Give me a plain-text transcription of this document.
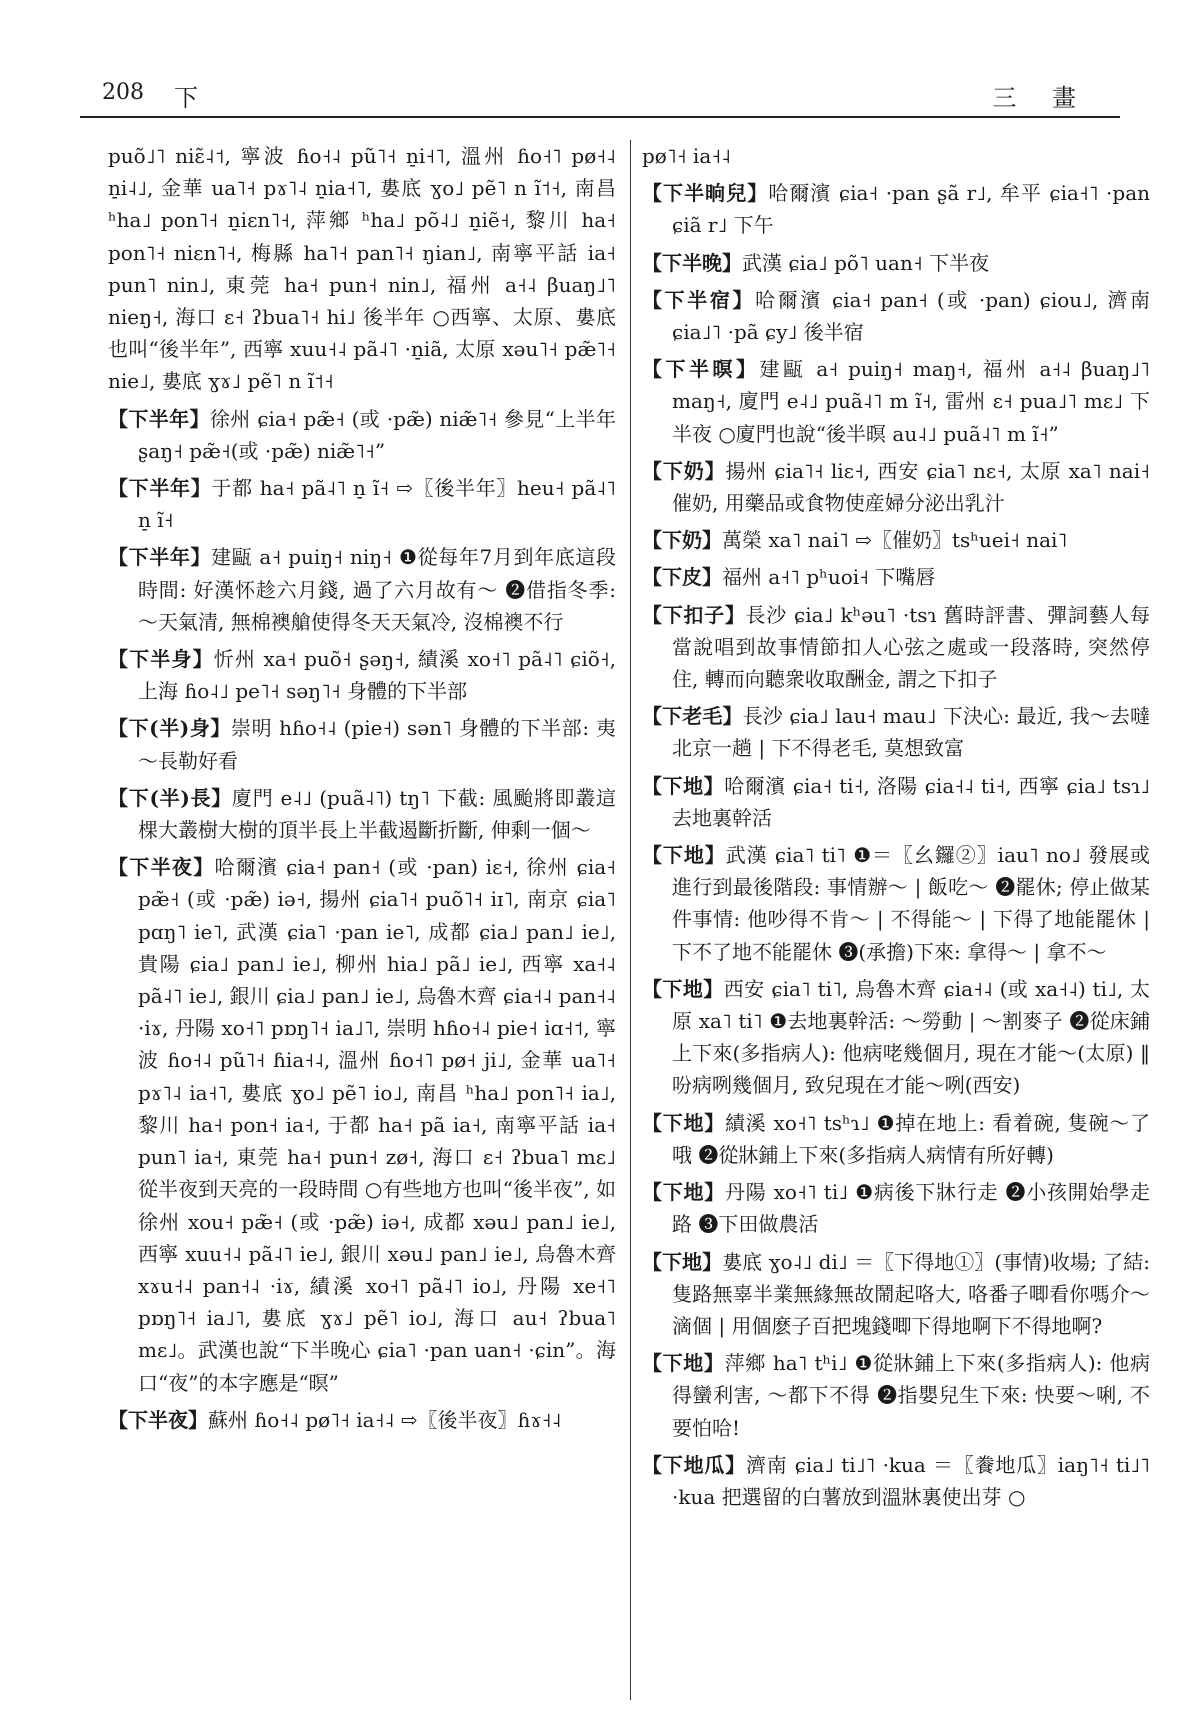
208 下	三 畫

puõ˩˥ niɛ̃˨˦, 寧波 ɦo˧˨ pũ˥˧ n̠i˧˥, 溫州 ɦo˧˥ pø˧˨ n̠i˨˩, 金華 ua˥˧ pɤ˥˨ n̠ia˧˥, 婁底 ɣo˩ pẽ˥ n ĩ˦˧, 南昌 ʰha˩ pon˥˧ n̠iɛn˥˧, 萍鄉 ʰha˩ põ˨˩ n̠iẽ˧, 黎川 ha˧ pon˥˧ niɛn˥˧, 梅縣 ha˥˧ pan˥˧ ŋian˩, 南寧平話 ia˧ pun˥ nin˩, 東莞 ha˧ pun˧ nin˩, 福州 a˧˨ βuaŋ˩˥ nieŋ˧, 海口 ɛ˧ ʔbua˥˧ hi˩ 後半年 ○西寧、太原、婁底也叫“後半年”, 西寧 xuu˧˨ pã˨˥ ·n̠iã, 太原 xəu˥˧ pæ̃˥˧ nie˩, 婁底 ɣɤ˩ pẽ˥ n ĩ˦˧

【下半年】徐州 ɕia˧ pæ̃˧ (或 ·pæ̃) niæ̃˥˧ 參見“上半年 ʂaŋ˧ pæ̃˧(或 ·pæ̃) niæ̃˥˧”

【下半年】于都 ha˧ pã˨˥ n̠ ĩ˧ ⇨〖後半年〗heu˧ pã˨˥ n̠ ĩ˧

【下半年】建甌 a˧ puiŋ˧ niŋ˧ ❶從每年7月到年底這段時間: 好漢怀趁六月錢, 過了六月故有～ ❷借指冬季: ～天氣清, 無棉襖艙使得冬天天氣冷, 沒棉襖不行

【下半身】忻州 xa˧ puõ˧ ʂəŋ˧, 績溪 xo˧˥ pã˨˥ ɕiõ˧, 上海 ɦo˨˩ pe˥˧ səŋ˥˧ 身體的下半部

【下(半)身】崇明 hɦo˧˨ (pie˧) sən˥ 身體的下半部: 夷～長勒好看

【下(半)長】廈門 e˨˩ (puã˨˥) tŋ˥ 下截: 風颱將即叢這棵大叢樹大樹的頂半長上半截遏斷折斷, 伸剩一個～

【下半夜】哈爾濱 ɕia˧ pan˧ (或 ·pan) iɛ˧, 徐州 ɕia˧ pæ̃˧ (或 ·pæ̃) iə˧, 揚州 ɕia˥˧ puõ˥˧ iɪ˥, 南京 ɕia˥ pɑŋ˥ ie˥, 武漢 ɕia˥ ·pan ie˥, 成都 ɕia˩ pan˩ ie˩, 貴陽 ɕia˩ pan˩ ie˩, 柳州 hia˩ pã˩ ie˩, 西寧 xa˧˨ pã˨˥ ie˩, 銀川 ɕia˩ pan˩ ie˩, 烏魯木齊 ɕia˧˨ pan˧˨ ·iɤ, 丹陽 xo˧˥ pɒŋ˥˧ ia˩˥, 崇明 hɦo˧˨ pie˧ iɑ˧˦, 寧波 ɦo˧˨ pũ˥˧ ɦia˧˨, 溫州 ɦo˧˥ pø˧ ji˩, 金華 ua˥˧ pɤ˥˨ ia˧˥, 婁底 ɣo˩ pẽ˥ io˩, 南昌 ʰha˩ pon˥˧ ia˩, 黎川 ha˧ pon˧ ia˧, 于都 ha˧ pã ia˧, 南寧平話 ia˧ pun˥ ia˧, 東莞 ha˧ pun˧ zø˧, 海口 ɛ˧ ʔbua˥ mɛ˩ 從半夜到天亮的一段時間 ○有些地方也叫“後半夜”, 如徐州 xou˧ pæ̃˧ (或 ·pæ̃) iə˧, 成都 xəu˩ pan˩ ie˩, 西寧 xuu˧˨ pã˨˥ ie˩, 銀川 xəu˩ pan˩ ie˩, 烏魯木齊 xɤu˧˨ pan˧˨ ·iɤ, 績溪 xo˧˥ pã˨˥ io˩, 丹陽 xe˧˥ pɒŋ˥˧ ia˩˥, 婁底 ɣɤ˩ pẽ˥ io˩, 海口 au˧ ʔbua˥ mɛ˩。武漢也說“下半晚心 ɕia˥ ·pan uan˧ ·ɕin”。海口“夜”的本字應是“暝”

【下半夜】蘇州 ɦo˧˨ pø˥˧ ia˧˨ ⇨〖後半夜〗ɦɤ˧˨

pø˥˧ ia˧˨

【下半晌兒】哈爾濱 ɕia˧ ·pan ʂã r˩, 牟平 ɕia˧˥ ·pan ɕiã r˩ 下午

【下半晚】武漢 ɕia˩ põ˥ uan˧ 下半夜

【下半宿】哈爾濱 ɕia˧ pan˧ (或 ·pan) ɕiou˩, 濟南 ɕia˩˥ ·pã ɕy˩ 後半宿

【下半暝】建甌 a˧ puiŋ˧ maŋ˧, 福州 a˧˨ βuaŋ˩˥ maŋ˧, 廈門 e˨˩ puã˨˥ m ĩ˧, 雷州 ɛ˧ pua˩˥ mɛ˩ 下半夜 ○廈門也說“後半暝 au˨˩ puã˨˥ m ĩ˧”

【下奶】揚州 ɕia˥˧ liɛ˧, 西安 ɕia˥ nɛ˧, 太原 xa˥ nai˧ 催奶, 用藥品或食物使産婦分泌出乳汁

【下奶】萬榮 xa˥ nai˥ ⇨〖催奶〗tsʰuei˧ nai˥

【下皮】福州 a˧˥ pʰuoi˧ 下嘴唇

【下扣子】長沙 ɕia˩ kʰəu˥ ·tsɿ 舊時評書、彈詞藝人每當說唱到故事情節扣人心弦之處或一段落時, 突然停住, 轉而向聽衆收取酬金, 謂之下扣子

【下老毛】長沙 ɕia˩ lau˧ mau˩ 下決心: 最近, 我～去噠北京一趟 | 下不得老毛, 莫想致富

【下地】哈爾濱 ɕia˧ ti˧, 洛陽 ɕia˧˨ ti˧, 西寧 ɕia˩ tsɿ˩ 去地裏幹活

【下地】武漢 ɕia˥ ti˥ ❶＝〖幺鑼②〗iau˥ no˩ 發展或進行到最後階段: 事情辦～ | 飯吃～ ❷罷休; 停止做某件事情: 他吵得不肯～ | 不得能～ | 下得了地能罷休 | 下不了地不能罷休 ❸(承擔)下來: 拿得～ | 拿不～

【下地】西安 ɕia˥ ti˥, 烏魯木齊 ɕia˧˨ (或 xa˧˨) ti˩, 太原 xa˥ ti˥ ❶去地裏幹活: ～勞動 | ～割麥子 ❷從床鋪上下來(多指病人): 他病咾幾個月, 現在才能～(太原) ‖ 吩病咧幾個月, 致兒現在才能～咧(西安)

【下地】績溪 xo˧˥ tsʰɿ˩ ❶掉在地上: 看着碗, 隻碗～了哦 ❷從牀鋪上下來(多指病人病情有所好轉)

【下地】丹陽 xo˧˥ ti˩ ❶病後下牀行走 ❷小孩開始學走路 ❸下田做農活

【下地】婁底 ɣo˨˩ di˩ ＝〖下得地①〗(事情)收場; 了結: 隻路無辜半業無緣無故鬧起咯大, 咯番子唧看你嗎介～滴個 | 用個麽子百把塊錢唧下得地啊下不得地啊?

【下地】萍鄉 ha˥ tʰi˩ ❶從牀鋪上下來(多指病人): 他病得蠻利害, ～都下不得 ❷指嬰兒生下來: 快要～唎, 不要怕哈!

【下地瓜】濟南 ɕia˩ ti˩˥ ·kua ＝〖餋地瓜〗iaŋ˥˧ ti˩˥ ·kua 把選留的白薯放到溫牀裏使出芽 ○
